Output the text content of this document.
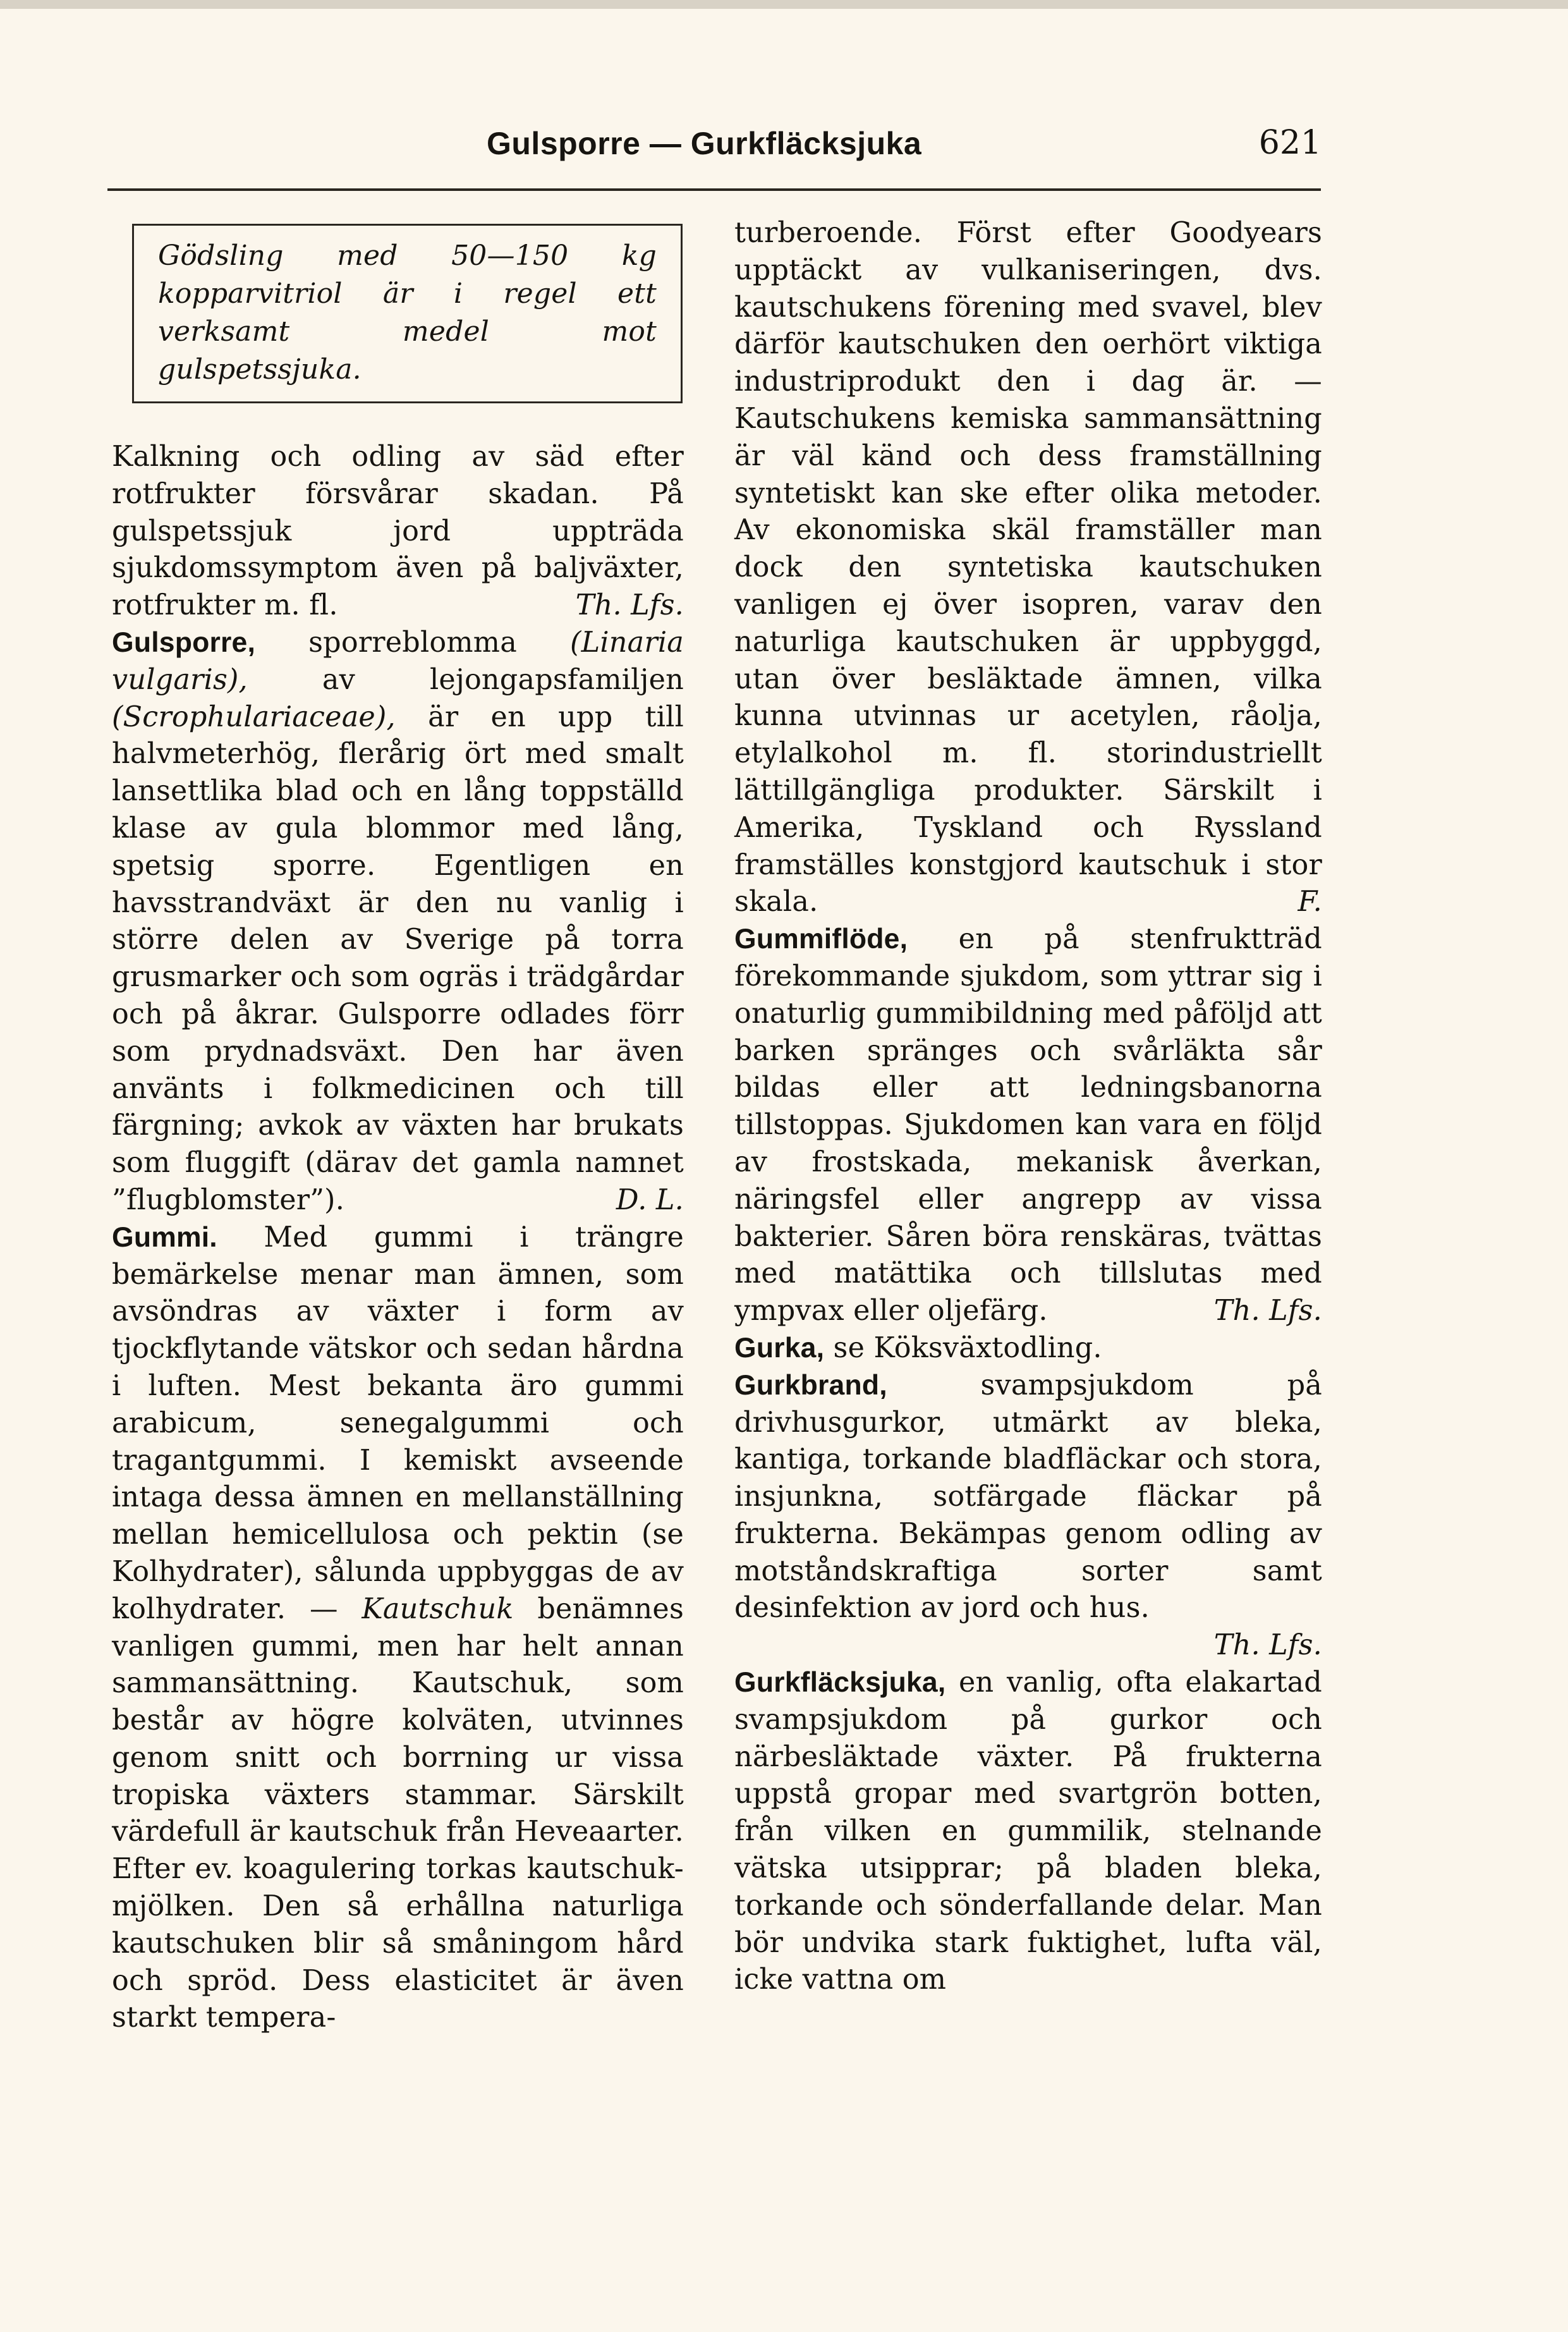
Gulsporre — Gurkfläcksjuka	621
Gödsling med 50—150 kg kopparvitriol är i regel ett verksamt medel mot gulspetssjuka.

Kalkning och odling av säd efter rotfrukter försvårar skadan. På gulspetssjuk jord uppträda sjukdomssymptom även på baljväxter, rotfrukter m. fl.	Th. Lfs.

Gulsporre, sporreblomma (Linaria vulgaris), av lejongapsfamiljen (Scrophulariaceae), är en upp till halvmeterhög, flerårig ört med smalt lansettlika blad och en lång toppställd klase av gula blommor med lång, spetsig sporre. Egentligen en havsstrandväxt är den nu vanlig i större delen av Sverige på torra grusmarker och som ogräs i trädgårdar och på åkrar. Gulsporre odlades förr som prydnadsväxt. Den har även använts i folkmedicinen och till färgning; avkok av växten har brukats som fluggift (därav det gamla namnet ”flugblomster”).	D. L.

Gummi. Med gummi i trängre bemärkelse menar man ämnen, som avsöndras av växter i form av tjockflytande vätskor och sedan hårdna i luften. Mest bekanta äro gummi arabicum, senegalgummi och tragantgummi. I kemiskt avseende intaga dessa ämnen en mellanställning mellan hemicellulosa och pektin (se Kolhydrater), sålunda uppbyggas de av kolhydrater. — Kautschuk benämnes vanligen gummi, men har helt annan sammansättning. Kautschuk, som består av högre kolväten, utvinnes genom snitt och borrning ur vissa tropiska växters stammar. Särskilt värdefull är kautschuk från Heveaarter. Efter ev. koagulering torkas kautschuk-mjölken. Den så erhållna naturliga kautschuken blir så småningom hård och spröd. Dess elasticitet är även starkt tempera-

turberoende. Först efter Goodyears upptäckt av vulkaniseringen, dvs. kautschukens förening med svavel, blev därför kautschuken den oerhört viktiga industriprodukt den i dag är. — Kautschukens kemiska sammansättning är väl känd och dess framställning syntetiskt kan ske efter olika metoder. Av ekonomiska skäl framställer man dock den syntetiska kautschuken vanligen ej över isopren, varav den naturliga kautschuken är uppbyggd, utan över besläktade ämnen, vilka kunna utvinnas ur acetylen, råolja, etylalkohol m. fl. storindustriellt lättillgängliga produkter. Särskilt i Amerika, Tyskland och Ryssland framställes konstgjord kautschuk i stor skala.	F.

Gummiflöde, en på stenfruktträd förekommande sjukdom, som yttrar sig i onaturlig gummibildning med påföljd att barken spränges och svårläkta sår bildas eller att ledningsbanorna tillstoppas. Sjukdomen kan vara en följd av frostskada, mekanisk åverkan, näringsfel eller angrepp av vissa bakterier. Såren böra renskäras, tvättas med matättika och tillslutas med ympvax eller oljefärg.	Th. Lfs.

Gurka, se Köksväxtodling.

Gurkbrand, svampsjukdom på drivhusgurkor, utmärkt av bleka, kantiga, torkande bladfläckar och stora, insjunkna, sotfärgade fläckar på frukterna. Bekämpas genom odling av motståndskraftiga sorter samt desinfektion av jord och hus.

Th. Lfs.

Gurkfläcksjuka, en vanlig, ofta elakartad svampsjukdom på gurkor och närbesläktade växter. På frukterna uppstå gropar med svartgrön botten, från vilken en gummilik, stelnande vätska utsipprar; på bladen bleka, torkande och sönderfallande delar. Man bör undvika stark fuktighet, lufta väl, icke vattna om
